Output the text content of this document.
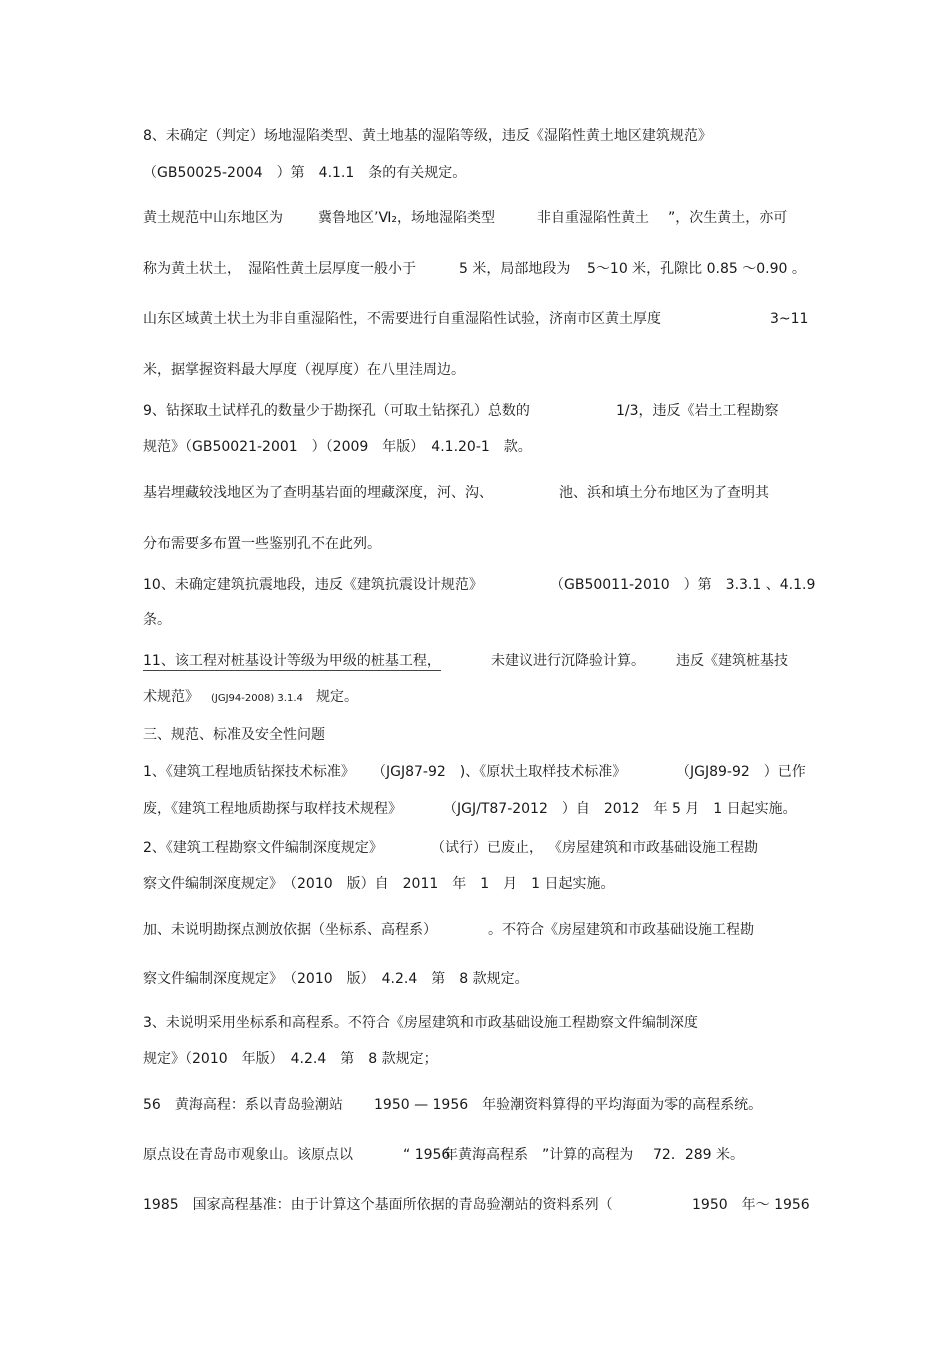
8、未确定（判定）场地湿陷类型、黄土地基的湿陷等级，违反《湿陷性黄土地区建筑规范》
（GB50025-2004　）第　4.1.1　条的有关规定。
黄土规范中山东地区为	冀鲁地区’Ⅵ₂，场地湿陷类型	非自重湿陷性黄土 ”，次生黄土，亦可
称为黄土状土，　湿陷性黄土层厚度一般小于	5 米，局部地段为 5～10 米，孔隙比 0.85 ～0.90 。
山东区域黄土状土为非自重湿陷性，不需要进行自重湿陷性试验，济南市区黄土厚度	3~11
米，据掌握资料最大厚度（视厚度）在八里洼周边。
9、钻探取土试样孔的数量少于勘探孔（可取土钻探孔）总数的	1/3，违反《岩土工程勘察
规范》（GB50021-2001　）（2009　年版）　4.1.20-1　款。
基岩埋藏较浅地区为了查明基岩面的埋藏深度，河、沟、	池、浜和填土分布地区为了查明其
分布需要多布置一些鉴别孔不在此列。
10、未确定建筑抗震地段，违反《建筑抗震设计规范》	（GB50011-2010　）第　3.3.1 、4.1.9
条。
11、该工程对桩基设计等级为甲级的桩基工程，	未建议进行沉降验计算。 违反《建筑桩基技
术规范》 (JGJ94-2008) 3.1.4 规定。
三、规范、标准及安全性问题
1、《建筑工程地质钻探技术标准》 （JGJ87-92　)、《原状土取样技术标准》	（JGJ89-92　）已作
废，《建筑工程地质勘探与取样技术规程》	（JGJ/T87-2012　）自　2012　年 5 月　1 日起实施。
2、《建筑工程勘察文件编制深度规定》	（试行）已废止， 《房屋建筑和市政基础设施工程勘
察文件编制深度规定》　（2010　版）自　2011　年　1　月　1 日起实施。
加、未说明勘探点测放依据（坐标系、高程系）	。不符合《房屋建筑和市政基础设施工程勘
察文件编制深度规定》　（2010　版）　4.2.4　第　8 款规定。
3、未说明采用坐标系和高程系。不符合《房屋建筑和市政基础设施工程勘察文件编制深度
规定》（2010　年版）　4.2.4　第　8 款规定；
56　黄海高程：系以青岛验潮站 1950 — 1956　年验潮资料算得的平均海面为零的高程系统。
原点设在青岛市观象山。该原点以	“ 1956
年黄海高程系 ”计算的高程为 72．289 米。
1985　国家高程基准：由于计算这个基面所依据的青岛验潮站的资料系列（	1950　年～ 1956
